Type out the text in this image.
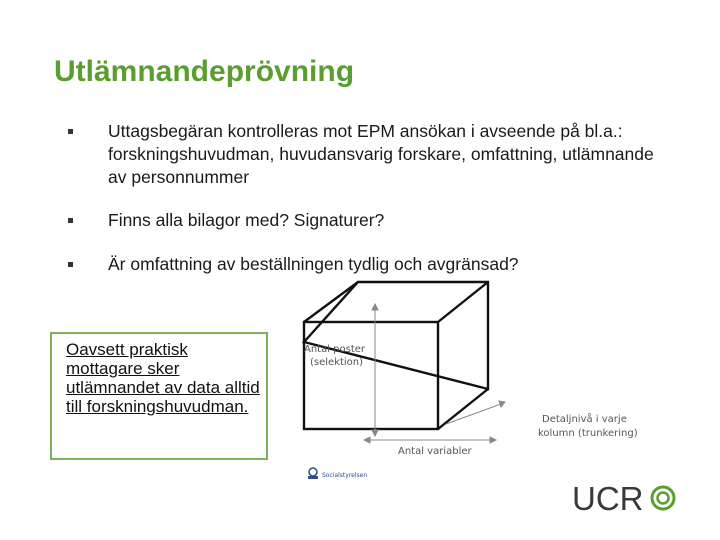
Utlämnandeprövning
Uttagsbegäran kontrolleras mot EPM ansökan i avseende på bl.a.: forskningshuvudman, huvudansvarig forskare, omfattning, utlämnande av personnummer
Finns alla bilagor med? Signaturer?
Är omfattning av beställningen tydlig och avgränsad?
Oavsett praktisk mottagare sker utlämnandet av data alltid till forskningshuvudman.
Antal poster
(selektion)
Detaljnivå i varje
kolumn (trunkering)
Antal variabler
Socialstyrelsen
UCR
